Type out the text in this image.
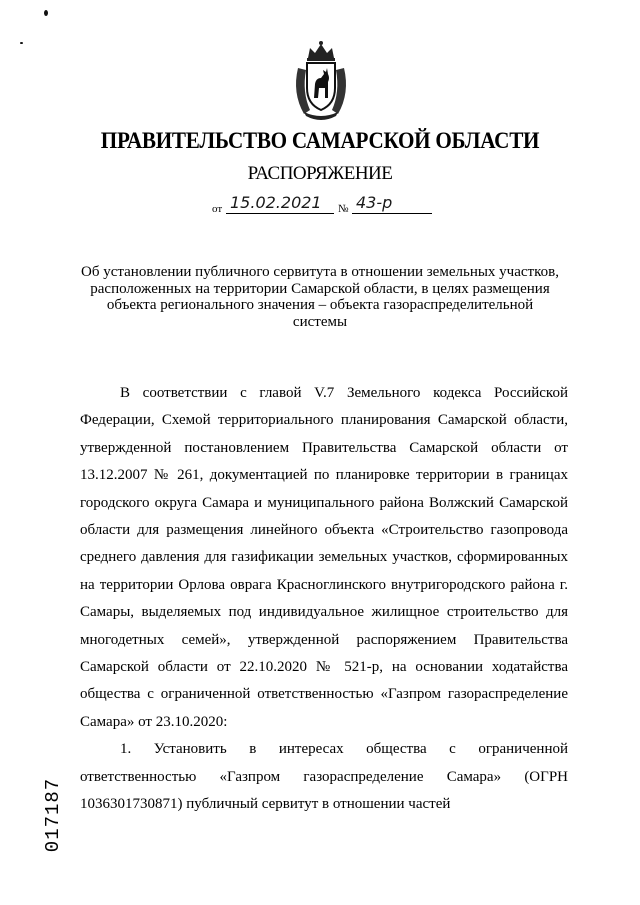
ПРАВИТЕЛЬСТВО САМАРСКОЙ ОБЛАСТИ
РАСПОРЯЖЕНИЕ
от 15.02.2021	№ 43-р
Об установлении публичного сервитута в отношении земельных участков, расположенных на территории Самарской области, в целях размещения объекта регионального значения – объекта газораспределительной системы

В соответствии с главой V.7 Земельного кодекса Российской Федерации, Схемой территориального планирования Самарской области, утвержденной постановлением Правительства Самарской области от 13.12.2007 № 261, документацией по планировке территории в границах городского округа Самара и муниципального района Волжский Самарской области для размещения линейного объекта «Строительство газопровода среднего давления для газификации земельных участков, сформированных на территории Орлова оврага Красноглинского внутригородского района г. Самары, выделяемых под индивидуальное жилищное строительство для многодетных семей», утвержденной распоряжением Правительства Самарской области от 22.10.2020 № 521-р, на основании ходатайства общества с ограниченной ответственностью «Газпром газораспределение Самара» от 23.10.2020:

1. Установить в интересах общества с ограниченной ответственностью «Газпром газораспределение Самара» (ОГРН 1036301730871) публичный сервитут в отношении частей

017187
